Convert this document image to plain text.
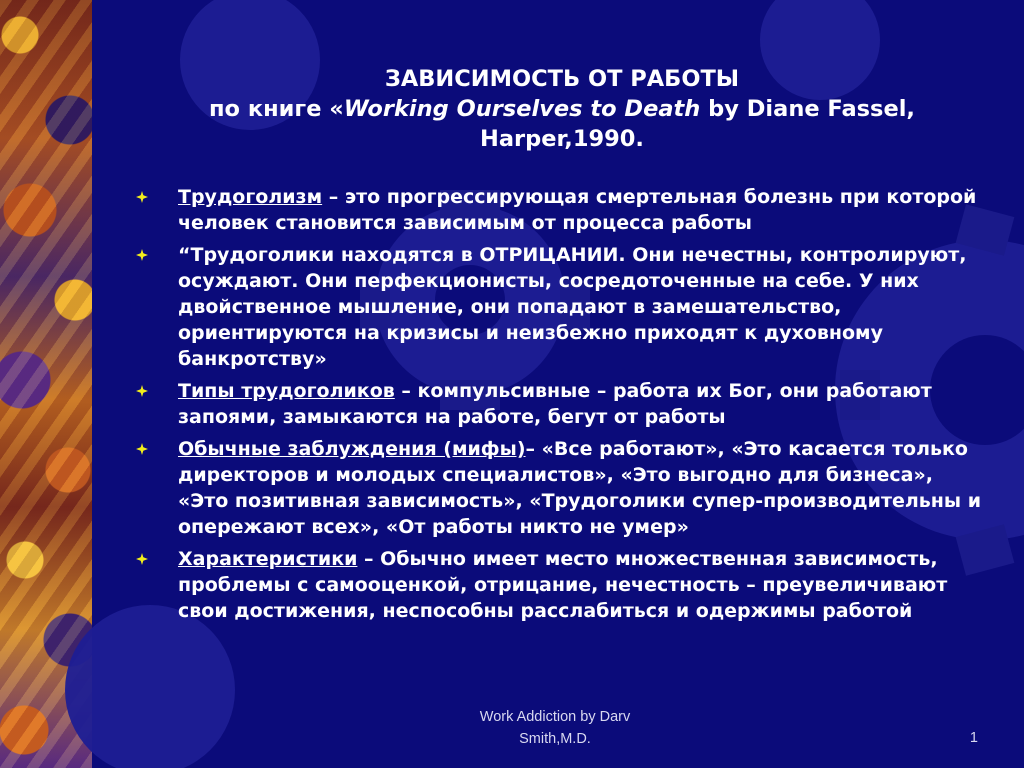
ЗАВИСИМОСТЬ ОТ РАБОТЫ
по книге «Working Ourselves to Death by Diane Fassel, Harper,1990.
Трудоголизм – это прогрессирующая смертельная болезнь при которой человек становится зависимым от процесса работы
“Трудоголики находятся в ОТРИЦАНИИ. Они нечестны, контролируют, осуждают. Они перфекционисты, сосредоточенные на себе. У них двойственное мышление, они попадают в замешательство, ориентируются на кризисы и неизбежно приходят к духовному банкротству»
Типы трудоголиков – компульсивные – работа их Бог, они работают запоями, замыкаются на работе, бегут от работы
Обычные заблуждения (мифы)– «Все работают», «Это касается только директоров и молодых специалистов», «Это выгодно для бизнеса», «Это позитивная зависимость», «Трудоголики супер-производительны и опережают всех», «От работы никто не умер»
Характеристики – Обычно имеет место множественная зависимость, проблемы с самооценкой, отрицание, нечестность – преувеличивают свои достижения, неспособны расслабиться и одержимы работой
Work Addiction by Darv
Smith,M.D.	1
